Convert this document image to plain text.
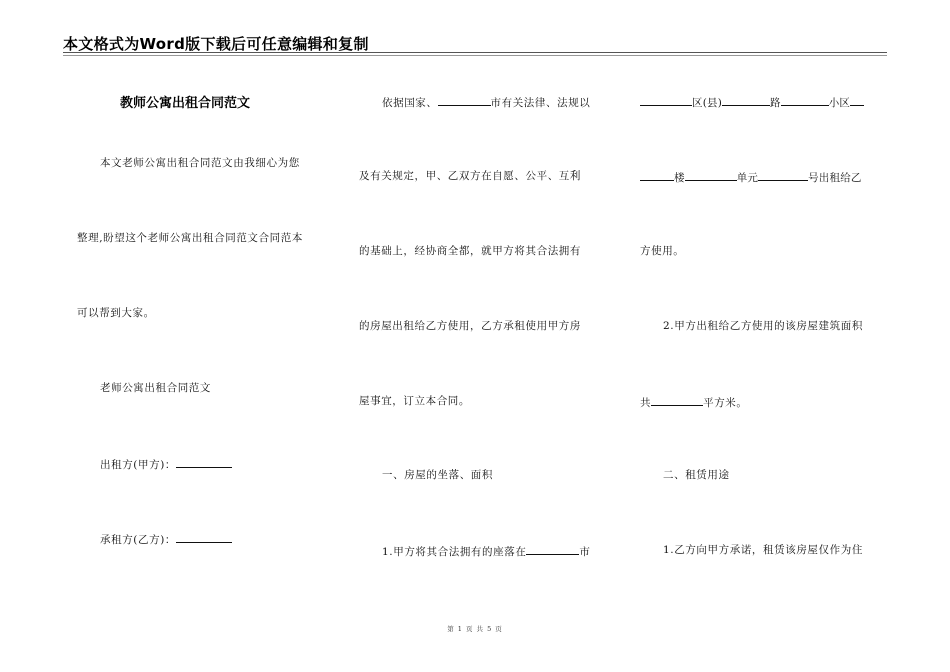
本文格式为Word版下载后可任意编辑和复制
教师公寓出租合同范文
本文老师公寓出租合同范文由我细心为您
整理,盼望这个老师公寓出租合同范文合同范本
可以帮到大家。
老师公寓出租合同范文
出租方(甲方)：
承租方(乙方)：
依据国家、	市有关法律、法规以
及有关规定，甲、乙双方在自愿、公平、互利
的基础上，经协商全都，就甲方将其合法拥有
的房屋出租给乙方使用，乙方承租使用甲方房
屋事宜，订立本合同。
一、房屋的坐落、面积
1.甲方将其合法拥有的座落在	市
区(县)	路	小区
楼	单元	号出租给乙
方使用。
2.甲方出租给乙方使用的该房屋建筑面积
共	平方米。
二、租赁用途
1.乙方向甲方承诺，租赁该房屋仅作为住
第 1 页 共 5 页
